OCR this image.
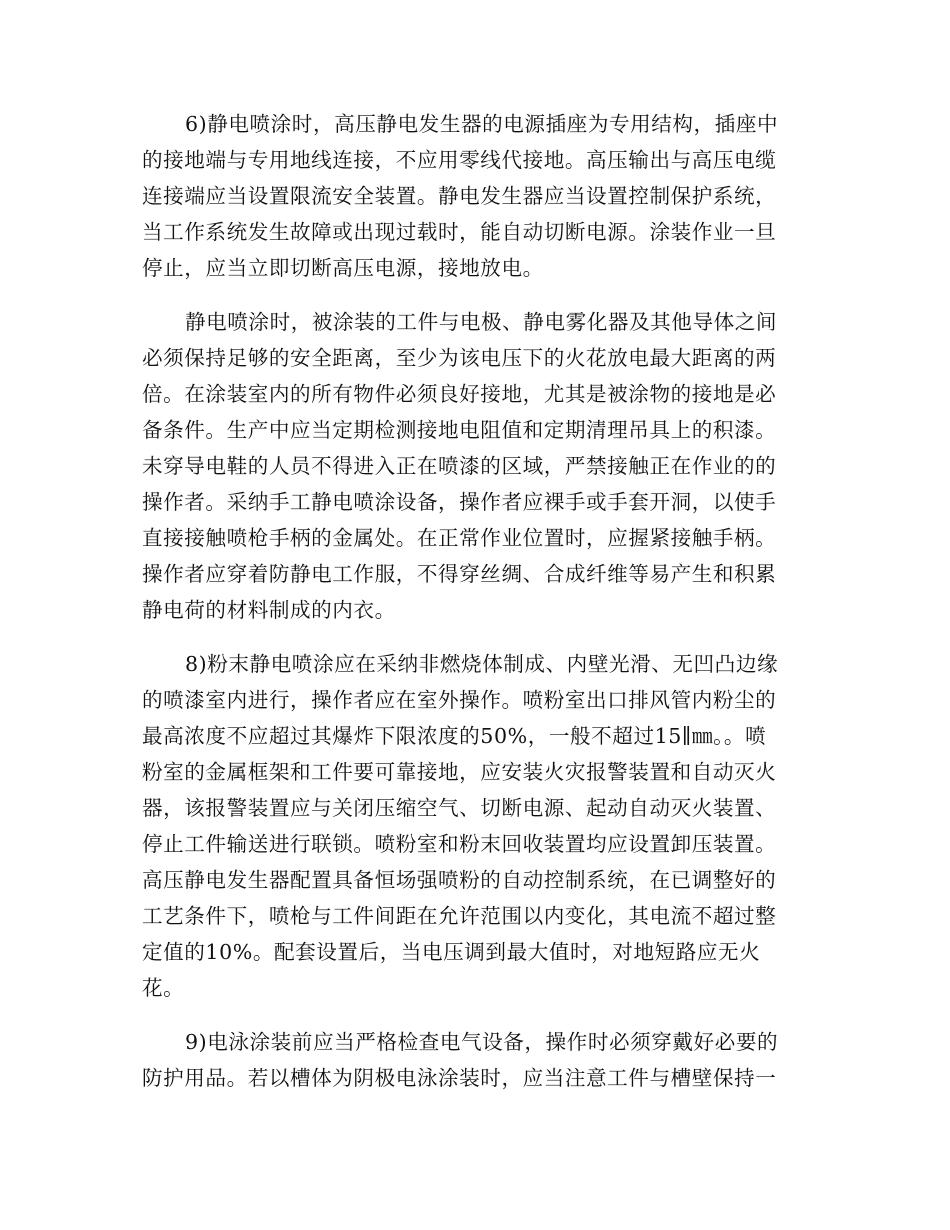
6)静电喷涂时，高压静电发生器的电源插座为专用结构，插座中
的接地端与专用地线连接，不应用零线代接地。高压输出与高压电缆
连接端应当设置限流安全装置。静电发生器应当设置控制保护系统，
当工作系统发生故障或出现过载时，能自动切断电源。涂装作业一旦
停止，应当立即切断高压电源，接地放电。
静电喷涂时，被涂装的工件与电极、静电雾化器及其他导体之间
必须保持足够的安全距离，至少为该电压下的火花放电最大距离的两
倍。在涂装室内的所有物件必须良好接地，尤其是被涂物的接地是必
备条件。生产中应当定期检测接地电阻值和定期清理吊具上的积漆。
未穿导电鞋的人员不得进入正在喷漆的区域，严禁接触正在作业的的
操作者。采纳手工静电喷涂设备，操作者应裸手或手套开洞，以使手
直接接触喷枪手柄的金属处。在正常作业位置时，应握紧接触手柄。
操作者应穿着防静电工作服，不得穿丝绸、合成纤维等易产生和积累
静电荷的材料制成的内衣。
8)粉末静电喷涂应在采纳非燃烧体制成、内壁光滑、无凹凸边缘
的喷漆室内进行，操作者应在室外操作。喷粉室出口排风管内粉尘的
最高浓度不应超过其爆炸下限浓度的50%，一般不超过15∥㎜。。喷
粉室的金属框架和工件要可靠接地，应安装火灾报警装置和自动灭火
器，该报警装置应与关闭压缩空气、切断电源、起动自动灭火装置、
停止工件输送进行联锁。喷粉室和粉末回收装置均应设置卸压装置。
高压静电发生器配置具备恒场强喷粉的自动控制系统，在已调整好的
工艺条件下，喷枪与工件间距在允许范围以内变化，其电流不超过整
定值的10%。配套设置后，当电压调到最大值时，对地短路应无火
花。
9)电泳涂装前应当严格检查电气设备，操作时必须穿戴好必要的
防护用品。若以槽体为阴极电泳涂装时，应当注意工件与槽壁保持一
